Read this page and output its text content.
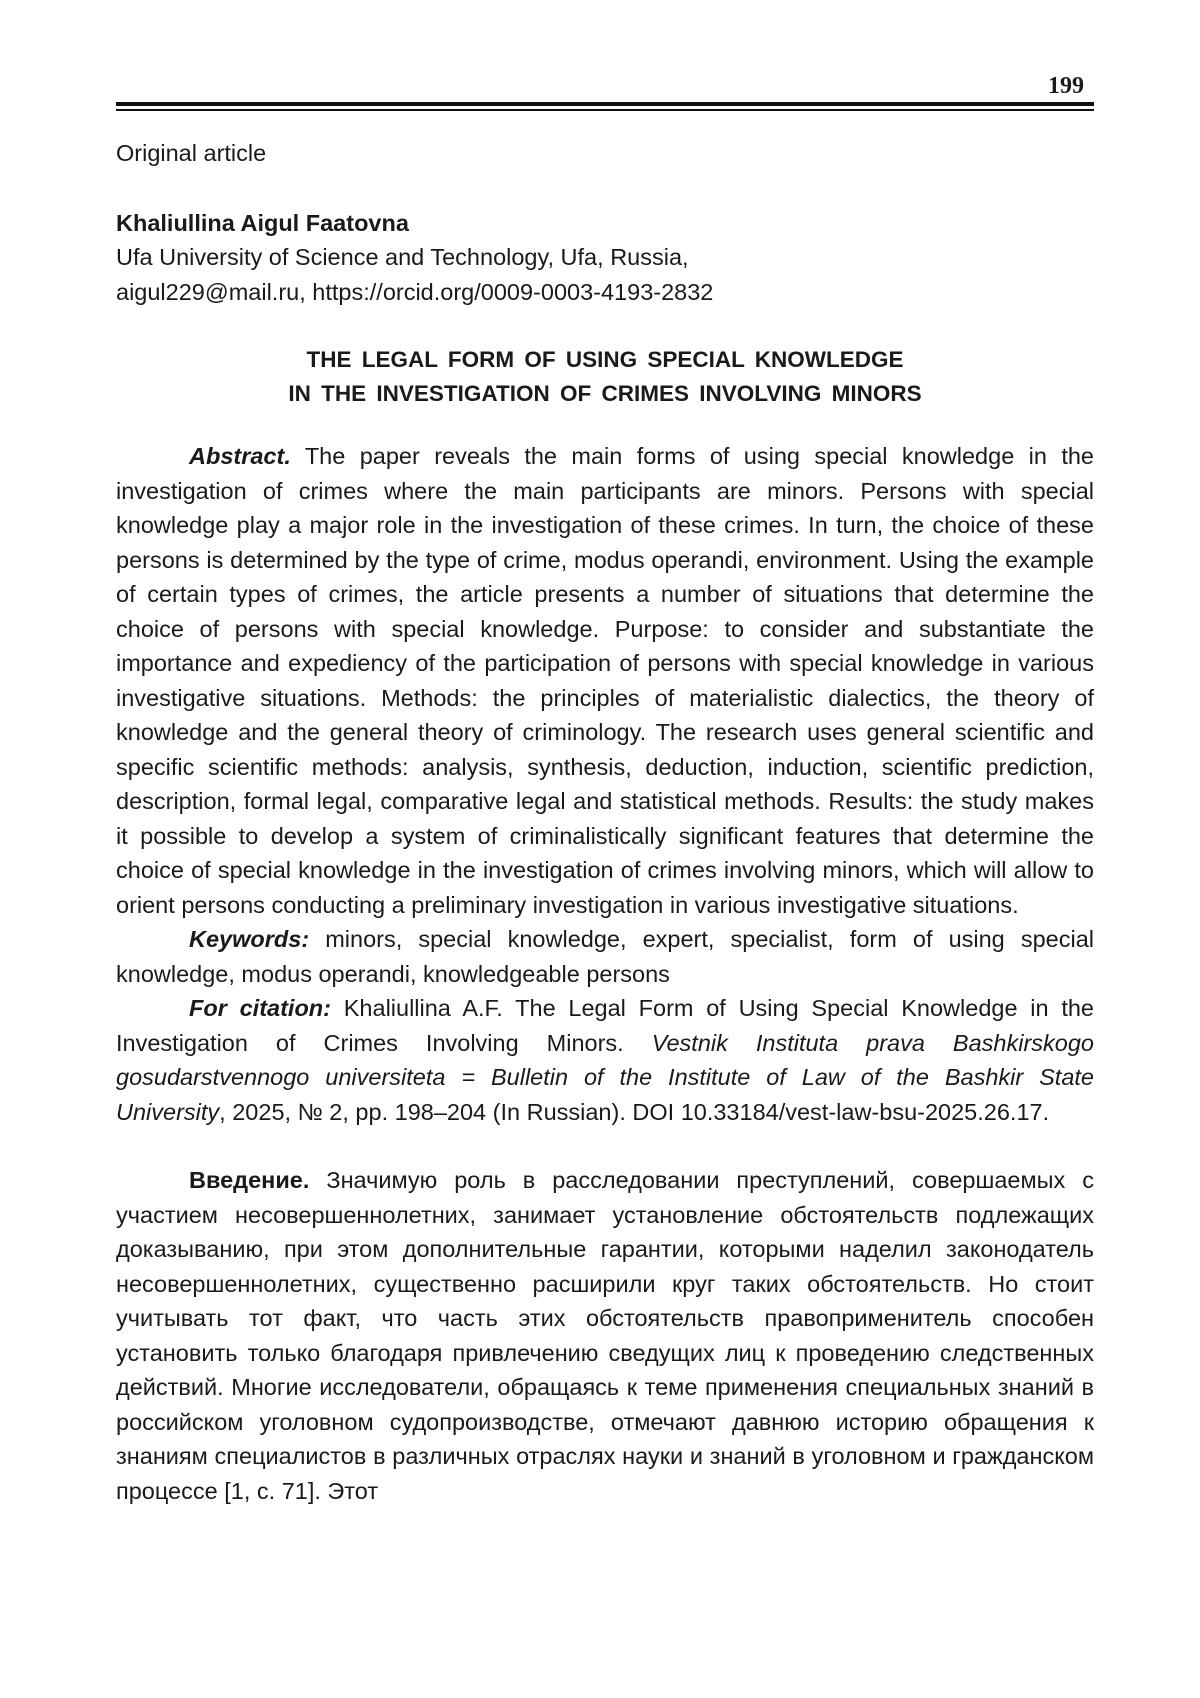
199
Original article
Khaliullina Aigul Faatovna
Ufa University of Science and Technology, Ufa, Russia,
aigul229@mail.ru, https://orcid.org/0009-0003-4193-2832
THE LEGAL FORM OF USING SPECIAL KNOWLEDGE
IN THE INVESTIGATION OF CRIMES INVOLVING MINORS

Abstract. The paper reveals the main forms of using special knowledge in the investigation of crimes where the main participants are minors. Persons with special knowledge play a major role in the investigation of these crimes. In turn, the choice of these persons is determined by the type of crime, modus operandi, environment. Using the example of certain types of crimes, the article presents a number of situations that determine the choice of persons with special knowledge. Purpose: to consider and substantiate the importance and expediency of the participation of persons with special knowledge in various investigative situations. Methods: the principles of materialistic dialectics, the theory of knowledge and the general theory of criminology. The research uses general scientific and specific scientific methods: analysis, synthesis, deduction, induction, scientific prediction, description, formal legal, comparative legal and statistical methods. Results: the study makes it possible to develop a system of criminalistically significant features that determine the choice of special knowledge in the investigation of crimes involving minors, which will allow to orient persons conducting a preliminary investigation in various investigative situations.

Keywords: minors, special knowledge, expert, specialist, form of using special knowledge, modus operandi, knowledgeable persons

For citation: Khaliullina A.F. The Legal Form of Using Special Knowledge in the Investigation of Crimes Involving Minors. Vestnik Instituta prava Bashkirskogo gosudarstvennogo universiteta = Bulletin of the Institute of Law of the Bashkir State University, 2025, № 2, pp. 198–204 (In Russian). DOI 10.33184/vest-law-bsu-2025.26.17.

Введение. Значимую роль в расследовании преступлений, совершаемых с участием несовершеннолетних, занимает установление обстоятельств подлежащих доказыванию, при этом дополнительные гарантии, которыми наделил законодатель несовершеннолетних, существенно расширили круг таких обстоятельств. Но стоит учитывать тот факт, что часть этих обстоятельств правоприменитель способен установить только благодаря привлечению сведущих лиц к проведению следственных действий. Многие исследователи, обращаясь к теме применения специальных знаний в российском уголовном судопроизводстве, отмечают давнюю историю обращения к знаниям специалистов в различных отраслях науки и знаний в уголовном и гражданском процессе [1, с. 71]. Этот
